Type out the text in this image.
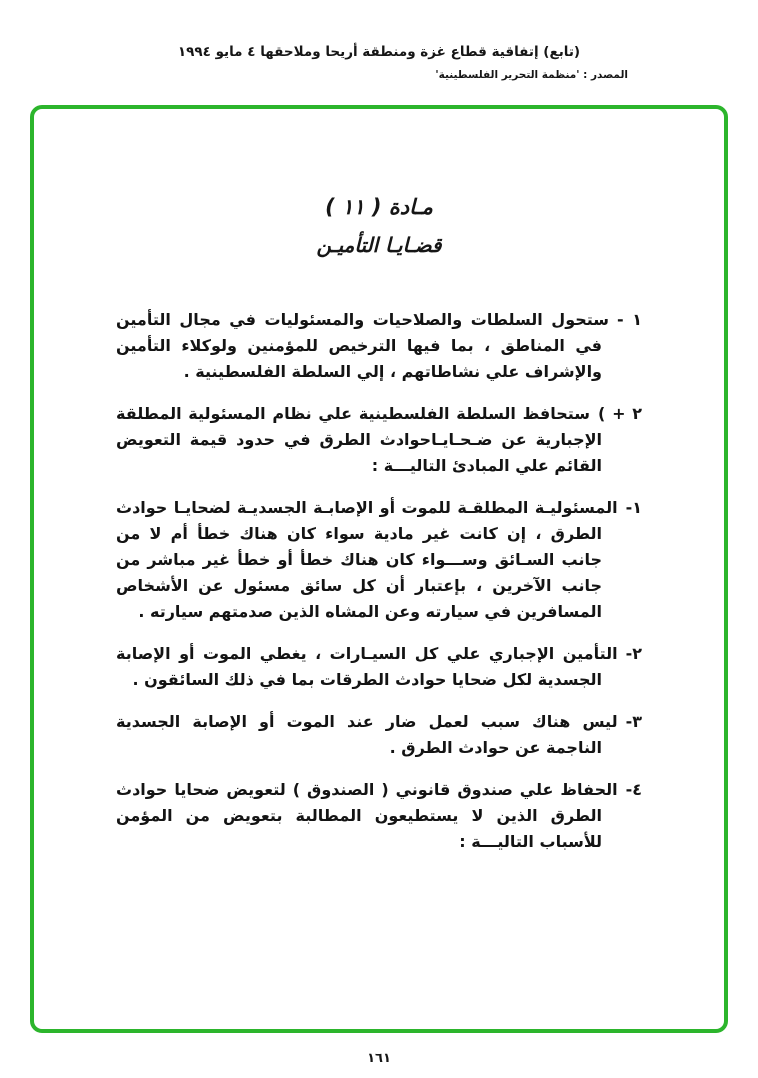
(تابع) إتفاقية قطاع غزة ومنطقة أريحا وملاحقها ٤ مايو ١٩٩٤
المصدر : 'منظمة التحرير الفلسطينية'
مـادة ( ١١ )
قضـايـا التأميـن

١ -ستحول السلطات والصلاحيات والمسئوليات في مجال التأمين في المناطق ، بما فيها الترخيص للمؤمنين ولوكلاء التأمين والإشراف علي نشاطاتهم ، إلي السلطة الفلسطينية .

٢ + )ستحافظ السلطة الفلسطينية علي نظام المسئولية المطلقة الإجبارية عن ضـحـايـاحوادث الطرق في حدود قيمة التعويض القائم علي المبادئ التاليـــة :

١-المسئوليـة المطلقـة للموت أو الإصابـة الجسديـة لضحايـا حوادث الطرق ، إن كانت غير مادية سواء كان هناك خطأ أم لا من جانب السـائق وســـواء كان هناك خطأ أو خطأ غير مباشر من جانب الآخرين ، بإعتبار أن كل سائق مسئول عن الأشخاص المسافرين في سيارته وعن المشاه الذين صدمتهم سيارته .

٢-التأمين الإجباري علي كل السيـارات ، يغطي الموت أو الإصابة الجسدية لكل ضحايا حوادث الطرقات بما في ذلك السائقون .

٣-ليس هناك سبب لعمل ضار عند الموت أو الإصابة الجسدية الناجمة عن حوادث الطرق .

٤-الحفاظ علي صندوق قانوني ( الصندوق ) لتعويض ضحايا حوادث الطرق الذين لا يستطيعون المطالبة بتعويض من المؤمن للأسباب التاليـــة :

١٦١
